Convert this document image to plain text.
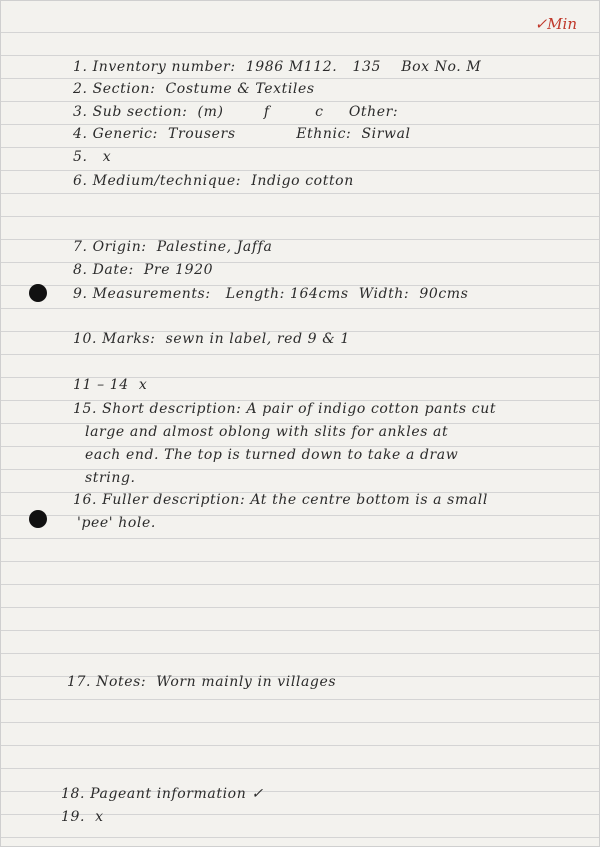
✓Min

1. Inventory number:  1986 M112.   135    Box No. M

2. Section:  Costume & Textiles

3. Sub section:  (m)        f         c     Other:

4. Generic:  Trousers            Ethnic:  Sirwal

5.   x

6. Medium/technique:  Indigo cotton

7. Origin:  Palestine, Jaffa

8. Date:  Pre 1920

9. Measurements:   Length: 164cms  Width:  90cms

10. Marks:  sewn in label, red 9 & 1

11 – 14  x

15. Short description: A pair of indigo cotton pants cut

large and almost oblong with slits for ankles at

each end. The top is turned down to take a draw

string.

16. Fuller description: At the centre bottom is a small

'pee' hole.

17. Notes:  Worn mainly in villages

18. Pageant information ✓

19.  x
